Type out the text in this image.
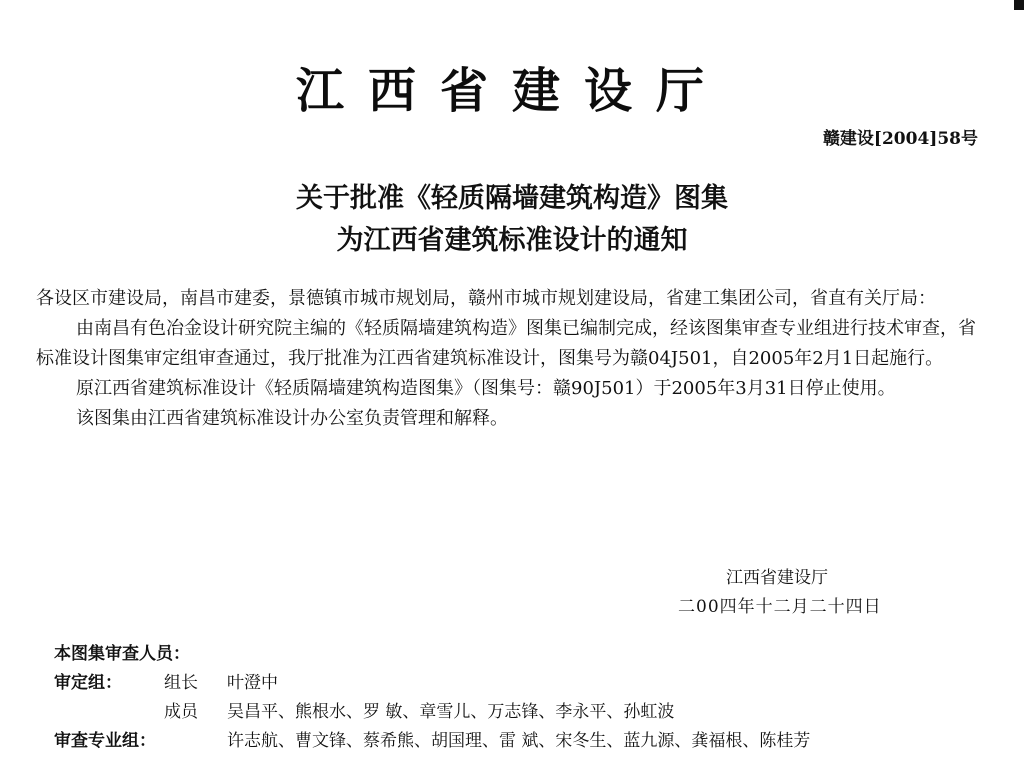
江西省建设厅
赣建设[2004]58号
关于批准《轻质隔墙建筑构造》图集
为江西省建筑标准设计的通知

各设区市建设局，南昌市建委，景德镇市城市规划局，赣州市城市规划建设局，省建工集团公司，省直有关厅局：

由南昌有色冶金设计研究院主编的《轻质隔墙建筑构造》图集已编制完成，经该图集审查专业组进行技术审查，省标准设计图集审定组审查通过，我厅批准为江西省建筑标准设计，图集号为赣04J501，自2005年2月1日起施行。

原江西省建筑标准设计《轻质隔墙建筑构造图集》（图集号：赣90J501）于2005年3月31日停止使用。

该图集由江西省建筑标准设计办公室负责管理和解释。

江西省建设厅
二00四年十二月二十四日
本图集审查人员：
审定组： 组长 叶澄中
成员 吴昌平、熊根水、罗 敏、章雪儿、万志锋、李永平、孙虹波
审查专业组：	许志航、曹文锋、蔡希熊、胡国理、雷 斌、宋冬生、蓝九源、龚福根、陈桂芳
